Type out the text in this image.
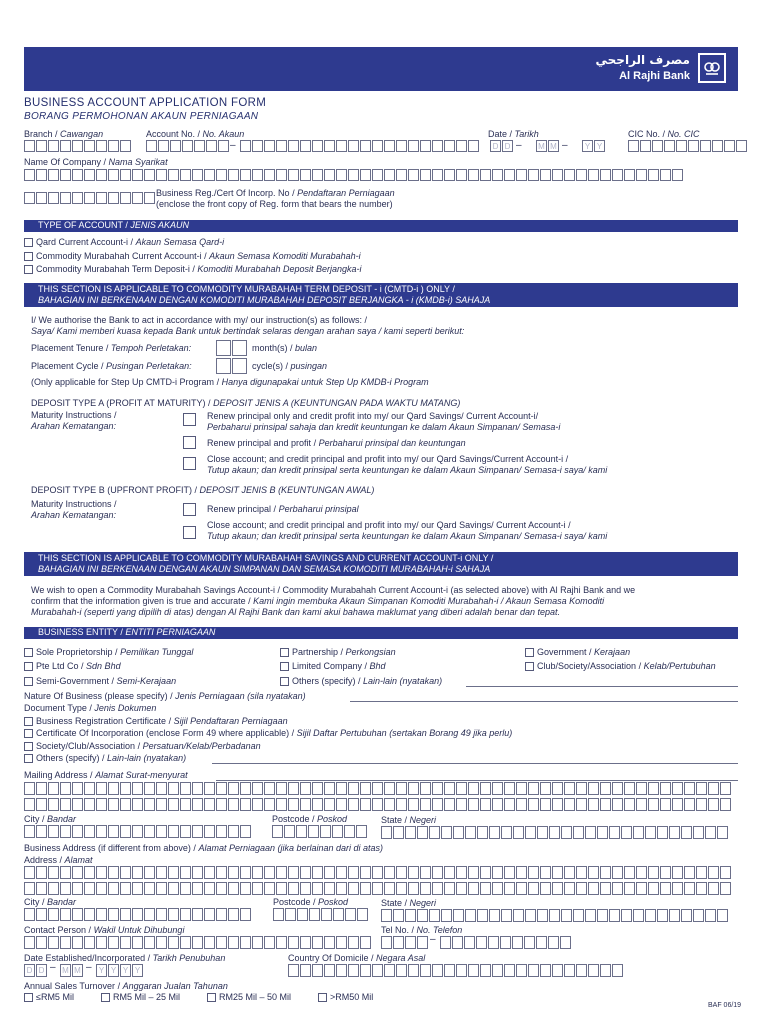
مصرف الراجحي
Al Rajhi Bank
BUSINESS ACCOUNT APPLICATION FORM
BORANG PERMOHONAN AKAUN PERNIAGAAN
Branch / Cawangan	Account No. / No. Akaun	Date / Tarikh	CIC No. / No. CIC
–	D D – M M –	Y Y
Name Of Company / Nama Syarikat
Business Reg./Cert Of Incorp. No / Pendaftaran Perniagaan
(enclose the front copy of Reg. form that bears the number)
TYPE OF ACCOUNT / JENIS AKAUN
Qard Current Account-i / Akaun Semasa Qard-i
Commodity Murabahah Current Account-i / Akaun Semasa Komoditi Murabahah-i
Commodity Murabahah Term Deposit-i / Komoditi Murabahah Deposit Berjangka-i
THIS SECTION IS APPLICABLE TO COMMODITY MURABAHAH TERM DEPOSIT - i (CMTD-i ) ONLY /
BAHAGIAN INI BERKENAAN DENGAN KOMODITI MURABAHAH DEPOSIT BERJANGKA - i (KMDB-i) SAHAJA
I/ We authorise the Bank to act in accordance with my/ our instruction(s) as follows: /
Saya/ Kami memberi kuasa kepada Bank untuk bertindak selaras dengan arahan saya / kami seperti berikut:
Placement Tenure / Tempoh Perletakan:	month(s) / bulan
Placement Cycle / Pusingan Perletakan:	cycle(s) / pusingan
(Only applicable for Step Up CMTD-i Program / Hanya digunapakai untuk Step Up KMDB-i Program
DEPOSIT TYPE A (PROFIT AT MATURITY) / DEPOSIT JENIS A (KEUNTUNGAN PADA WAKTU MATANG)
Maturity Instructions /
Arahan Kematangan:
Renew principal only and credit profit into my/ our Qard Savings/ Current Account-i/
Perbaharui prinsipal sahaja dan kredit keuntungan ke dalam Akaun Simpanan/ Semasa-i
Renew principal and profit / Perbaharui prinsipal dan keuntungan
Close account; and credit principal and profit into my/ our Qard Savings/Current Account-i /
Tutup akaun; dan kredit prinsipal serta keuntungan ke dalam Akaun Simpanan/ Semasa-i saya/ kami
DEPOSIT TYPE B (UPFRONT PROFIT) / DEPOSIT JENIS B (KEUNTUNGAN AWAL)
Maturity Instructions /
Arahan Kematangan:
Renew principal / Perbaharui prinsipal
Close account; and credit principal and profit into my/ our Qard Savings/ Current Account-i /
Tutup akaun; dan kredit prinsipal serta keuntungan ke dalam Akaun Simpanan/ Semasa-i saya/ kami
THIS SECTION IS APPLICABLE TO COMMODITY MURABAHAH SAVINGS AND CURRENT ACCOUNT-i ONLY /
BAHAGIAN INI BERKENAAN DENGAN AKAUN SIMPANAN DAN SEMASA KOMODITI MURABAHAH-i SAHAJA
We wish to open a Commodity Murabahah Savings Account-i / Commodity Murabahah Current Account-i (as selected above) with Al Rajhi Bank and we
confirm that the information given is true and accurate / Kami ingin membuka Akaun Simpanan Komoditi Murabahah-i / Akaun Semasa Komoditi
Murabahah-i (seperti yang dipilih di atas) dengan Al Rajhi Bank dan kami akui bahawa maklumat yang diberi adalah benar dan tepat.
BUSINESS ENTITY / ENTITI PERNIAGAAN
Sole Proprietorship / Pemilikan Tunggal
Pte Ltd Co / Sdn Bhd
Semi-Government / Semi-Kerajaan
Partnership / Perkongsian
Limited Company / Bhd
Others (specify) / Lain-lain (nyatakan)
Government / Kerajaan
Club/Society/Association / Kelab/Pertubuhan
Nature Of Business (please specify) / Jenis Perniagaan (sila nyatakan)
Document Type / Jenis Dokumen
Business Registration Certificate / Sijil Pendaftaran Perniagaan
Certificate Of Incorporation (enclose Form 49 where applicable) / Sijil Daftar Pertubuhan (sertakan Borang 49 jika perlu)
Society/Club/Association / Persatuan/Kelab/Perbadanan
Others (specify) / Lain-lain (nyatakan)
Mailing Address / Alamat Surat-menyurat
City / Bandar	Postcode / Poskod	State / Negeri
Business Address (if different from above) / Alamat Perniagaan (jika berlainan dari di atas)
Address / Alamat
City / Bandar	Postcode / Poskod	State / Negeri
Contact Person / Wakil Untuk Dihubungi	Tel No. / No. Telefon
–
Date Established/Incorporated / Tarikh Penubuhan	Country Of Domicile / Negara Asal
D D – M M – Y Y Y Y
Annual Sales Turnover / Anggaran Jualan Tahunan
≤RM5 Mil	RM5 Mil – 25 Mil	RM25 Mil – 50 Mil	>RM50 Mil
BAF 06/19
